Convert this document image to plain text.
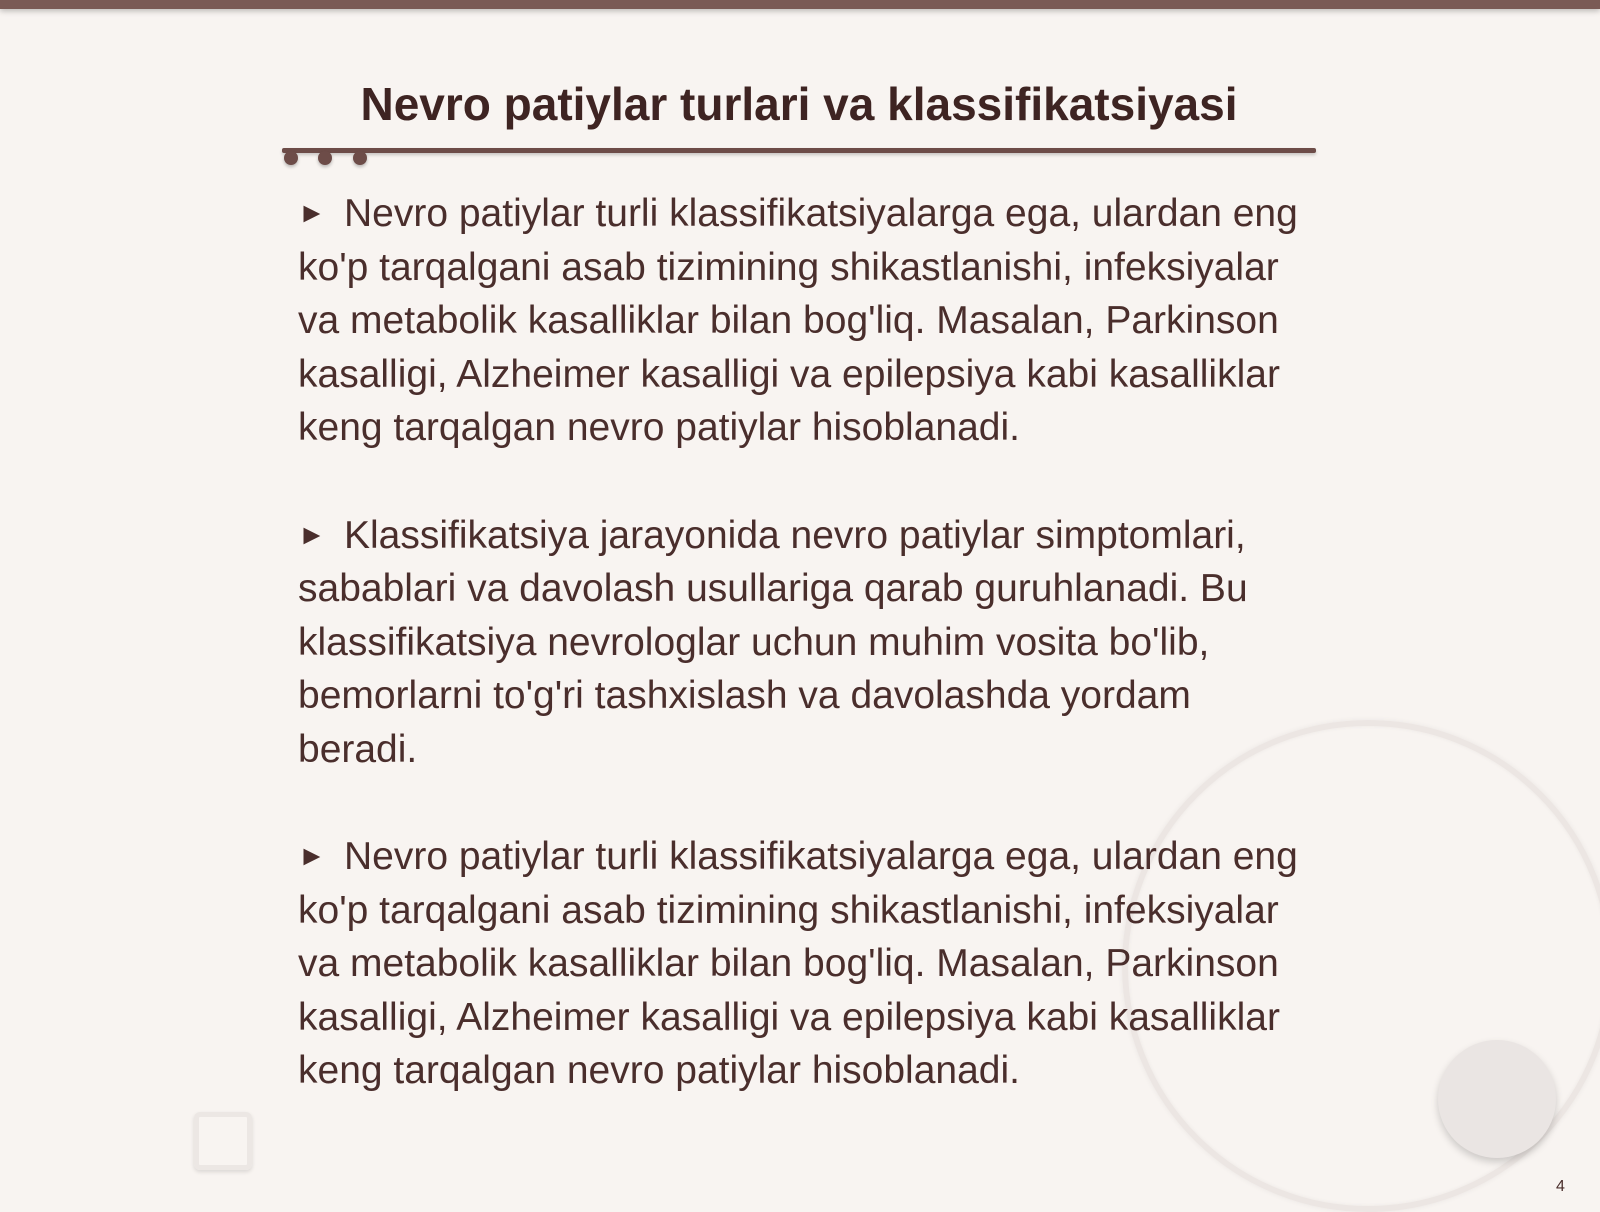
Nevro patiylar turlari va klassifikatsiyasi

► Nevro patiylar turli klassifikatsiyalarga ega, ulardan eng ko'p tarqalgani asab tizimining shikastlanishi, infeksiyalar va metabolik kasalliklar bilan bog'liq. Masalan, Parkinson kasalligi, Alzheimer kasalligi va epilepsiya kabi kasalliklar keng tarqalgan nevro patiylar hisoblanadi.

► Klassifikatsiya jarayonida nevro patiylar simptomlari, sabablari va davolash usullariga qarab guruhlanadi. Bu klassifikatsiya nevrologlar uchun muhim vosita bo'lib, bemorlarni to'g'ri tashxislash va davolashda yordam beradi.

► Nevro patiylar turli klassifikatsiyalarga ega, ulardan eng ko'p tarqalgani asab tizimining shikastlanishi, infeksiyalar va metabolik kasalliklar bilan bog'liq. Masalan, Parkinson kasalligi, Alzheimer kasalligi va epilepsiya kabi kasalliklar keng tarqalgan nevro patiylar hisoblanadi.

4
